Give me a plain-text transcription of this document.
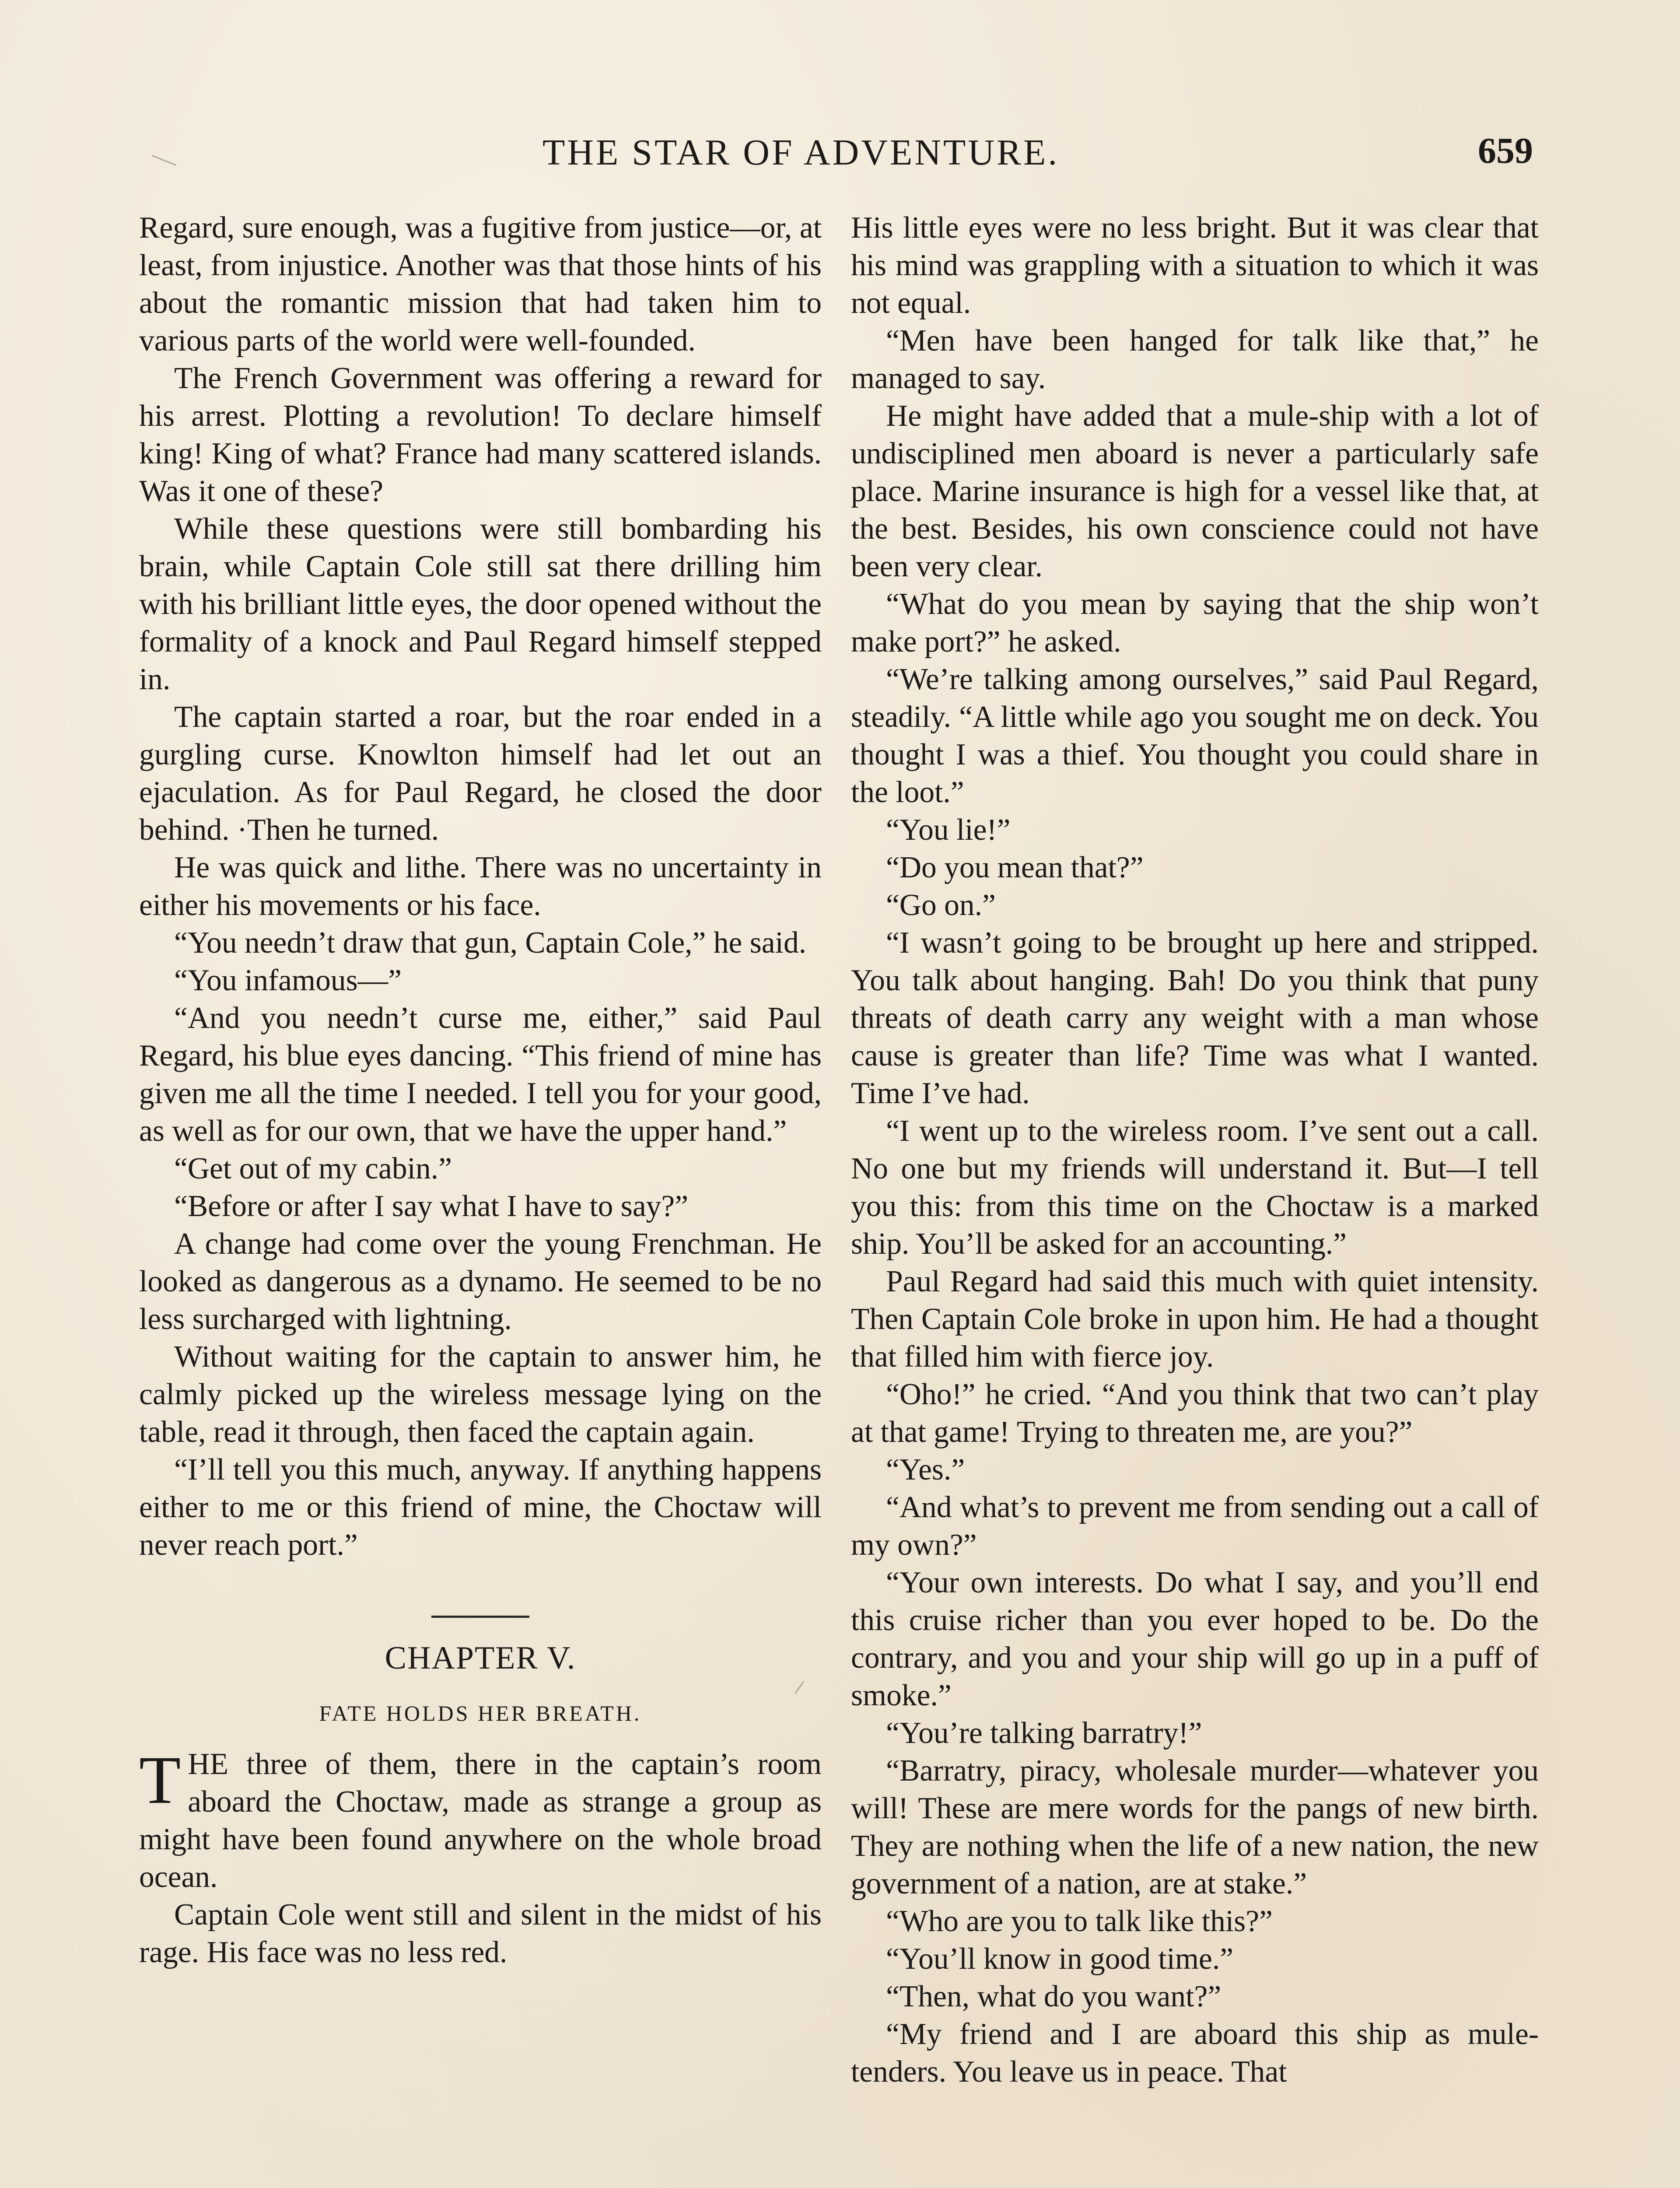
THE STAR OF ADVENTURE.	659

Regard, sure enough, was a fugitive from justice—or, at least, from injustice. Another was that those hints of his about the romantic mission that had taken him to various parts of the world were well-founded.

The French Government was offering a reward for his arrest. Plotting a revolution! To declare himself king! King of what? France had many scattered islands. Was it one of these?

While these questions were still bombarding his brain, while Captain Cole still sat there drilling him with his brilliant little eyes, the door opened without the formality of a knock and Paul Regard himself stepped in.

The captain started a roar, but the roar ended in a gurgling curse. Knowlton himself had let out an ejaculation. As for Paul Regard, he closed the door behind. ·Then he turned.

He was quick and lithe. There was no uncertainty in either his movements or his face.

“You needn’t draw that gun, Captain Cole,” he said.

“You infamous—”

“And you needn’t curse me, either,” said Paul Regard, his blue eyes dancing. “This friend of mine has given me all the time I needed. I tell you for your good, as well as for our own, that we have the upper hand.”

“Get out of my cabin.”

“Before or after I say what I have to say?”

A change had come over the young Frenchman. He looked as dangerous as a dynamo. He seemed to be no less surcharged with lightning.

Without waiting for the captain to answer him, he calmly picked up the wireless message lying on the table, read it through, then faced the captain again.

“I’ll tell you this much, anyway. If anything happens either to me or this friend of mine, the Choctaw will never reach port.”

CHAPTER V.
FATE HOLDS HER BREATH.

THE three of them, there in the captain’s room aboard the Choctaw, made as strange a group as might have been found anywhere on the whole broad ocean.

Captain Cole went still and silent in the midst of his rage. His face was no less red.

His little eyes were no less bright. But it was clear that his mind was grappling with a situation to which it was not equal.

“Men have been hanged for talk like that,” he managed to say.

He might have added that a mule-ship with a lot of undisciplined men aboard is never a particularly safe place. Marine insurance is high for a vessel like that, at the best. Besides, his own conscience could not have been very clear.

“What do you mean by saying that the ship won’t make port?” he asked.

“We’re talking among ourselves,” said Paul Regard, steadily. “A little while ago you sought me on deck. You thought I was a thief. You thought you could share in the loot.”

“You lie!”

“Do you mean that?”

“Go on.”

“I wasn’t going to be brought up here and stripped. You talk about hanging. Bah! Do you think that puny threats of death carry any weight with a man whose cause is greater than life? Time was what I wanted. Time I’ve had.

“I went up to the wireless room. I’ve sent out a call. No one but my friends will understand it. But—I tell you this: from this time on the Choctaw is a marked ship. You’ll be asked for an accounting.”

Paul Regard had said this much with quiet intensity. Then Captain Cole broke in upon him. He had a thought that filled him with fierce joy.

“Oho!” he cried. “And you think that two can’t play at that game! Trying to threaten me, are you?”

“Yes.”

“And what’s to prevent me from sending out a call of my own?”

“Your own interests. Do what I say, and you’ll end this cruise richer than you ever hoped to be. Do the contrary, and you and your ship will go up in a puff of smoke.”

“You’re talking barratry!”

“Barratry, piracy, wholesale murder—whatever you will! These are mere words for the pangs of new birth. They are nothing when the life of a new nation, the new government of a nation, are at stake.”

“Who are you to talk like this?”

“You’ll know in good time.”

“Then, what do you want?”

“My friend and I are aboard this ship as mule-tenders. You leave us in peace. That
